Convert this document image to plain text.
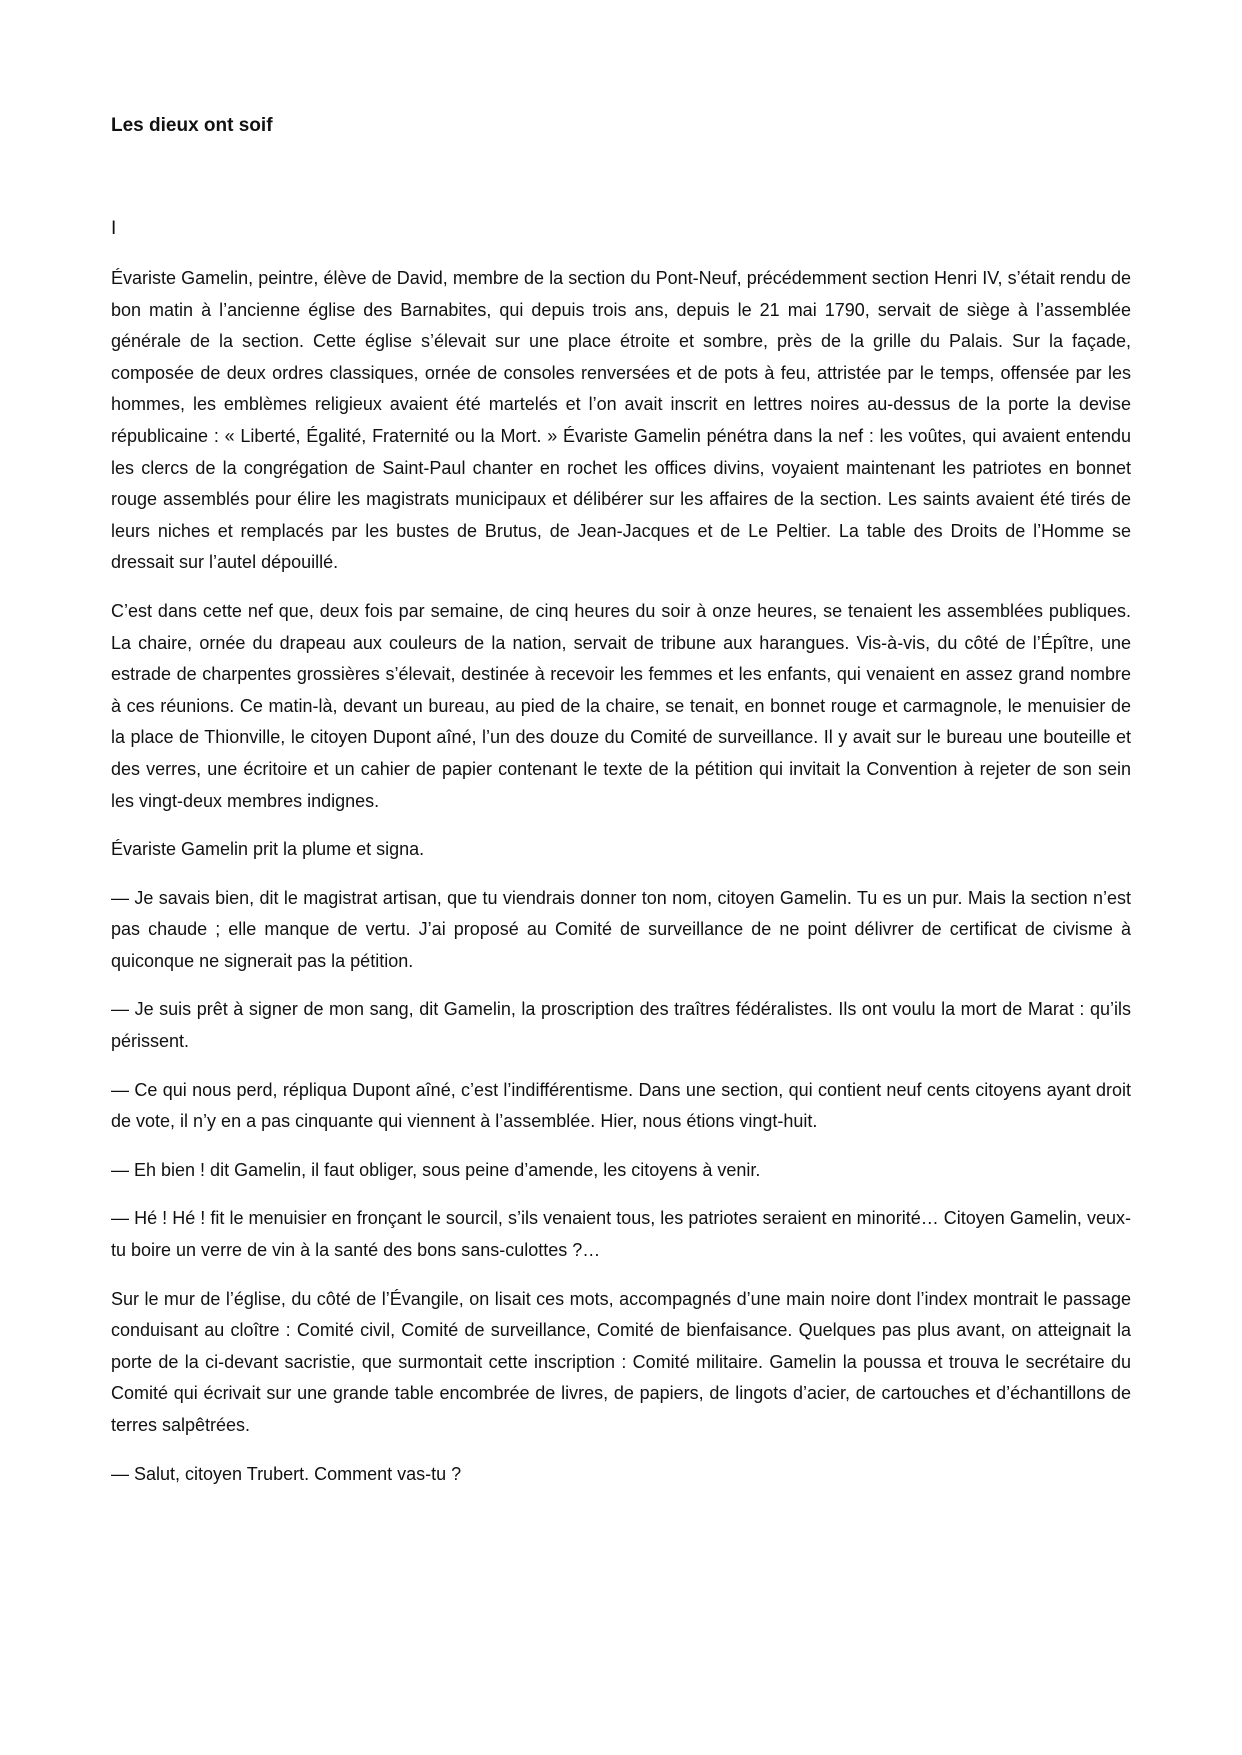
Les dieux ont soif
I

Évariste Gamelin, peintre, élève de David, membre de la section du Pont-Neuf, précédemment section Henri IV, s’était rendu de bon matin à l’ancienne église des Barnabites, qui depuis trois ans, depuis le 21 mai 1790, servait de siège à l’assemblée générale de la section. Cette église s’élevait sur une place étroite et sombre, près de la grille du Palais. Sur la façade, composée de deux ordres classiques, ornée de consoles renversées et de pots à feu, attristée par le temps, offensée par les hommes, les emblèmes religieux avaient été martelés et l’on avait inscrit en lettres noires au-dessus de la porte la devise républicaine : « Liberté, Égalité, Fraternité ou la Mort. » Évariste Gamelin pénétra dans la nef : les voûtes, qui avaient entendu les clercs de la congrégation de Saint-Paul chanter en rochet les offices divins, voyaient maintenant les patriotes en bonnet rouge assemblés pour élire les magistrats municipaux et délibérer sur les affaires de la section. Les saints avaient été tirés de leurs niches et remplacés par les bustes de Brutus, de Jean-Jacques et de Le Peltier. La table des Droits de l’Homme se dressait sur l’autel dépouillé.

C’est dans cette nef que, deux fois par semaine, de cinq heures du soir à onze heures, se tenaient les assemblées publiques. La chaire, ornée du drapeau aux couleurs de la nation, servait de tribune aux harangues. Vis-à-vis, du côté de l’Épître, une estrade de charpentes grossières s’élevait, destinée à recevoir les femmes et les enfants, qui venaient en assez grand nombre à ces réunions. Ce matin-là, devant un bureau, au pied de la chaire, se tenait, en bonnet rouge et carmagnole, le menuisier de la place de Thionville, le citoyen Dupont aîné, l’un des douze du Comité de surveillance. Il y avait sur le bureau une bouteille et des verres, une écritoire et un cahier de papier contenant le texte de la pétition qui invitait la Convention à rejeter de son sein les vingt-deux membres indignes.

Évariste Gamelin prit la plume et signa.

— Je savais bien, dit le magistrat artisan, que tu viendrais donner ton nom, citoyen Gamelin. Tu es un pur. Mais la section n’est pas chaude ; elle manque de vertu. J’ai proposé au Comité de surveillance de ne point délivrer de certificat de civisme à quiconque ne signerait pas la pétition.

— Je suis prêt à signer de mon sang, dit Gamelin, la proscription des traîtres fédéralistes. Ils ont voulu la mort de Marat : qu’ils périssent.

— Ce qui nous perd, répliqua Dupont aîné, c’est l’indifférentisme. Dans une section, qui contient neuf cents citoyens ayant droit de vote, il n’y en a pas cinquante qui viennent à l’assemblée. Hier, nous étions vingt-huit.

— Eh bien ! dit Gamelin, il faut obliger, sous peine d’amende, les citoyens à venir.

— Hé ! Hé ! fit le menuisier en fronçant le sourcil, s’ils venaient tous, les patriotes seraient en minorité… Citoyen Gamelin, veux-tu boire un verre de vin à la santé des bons sans-culottes ?…

Sur le mur de l’église, du côté de l’Évangile, on lisait ces mots, accompagnés d’une main noire dont l’index montrait le passage conduisant au cloître : Comité civil, Comité de surveillance, Comité de bienfaisance. Quelques pas plus avant, on atteignait la porte de la ci-devant sacristie, que surmontait cette inscription : Comité militaire. Gamelin la poussa et trouva le secrétaire du Comité qui écrivait sur une grande table encombrée de livres, de papiers, de lingots d’acier, de cartouches et d’échantillons de terres salpêtrées.

— Salut, citoyen Trubert. Comment vas-tu ?
